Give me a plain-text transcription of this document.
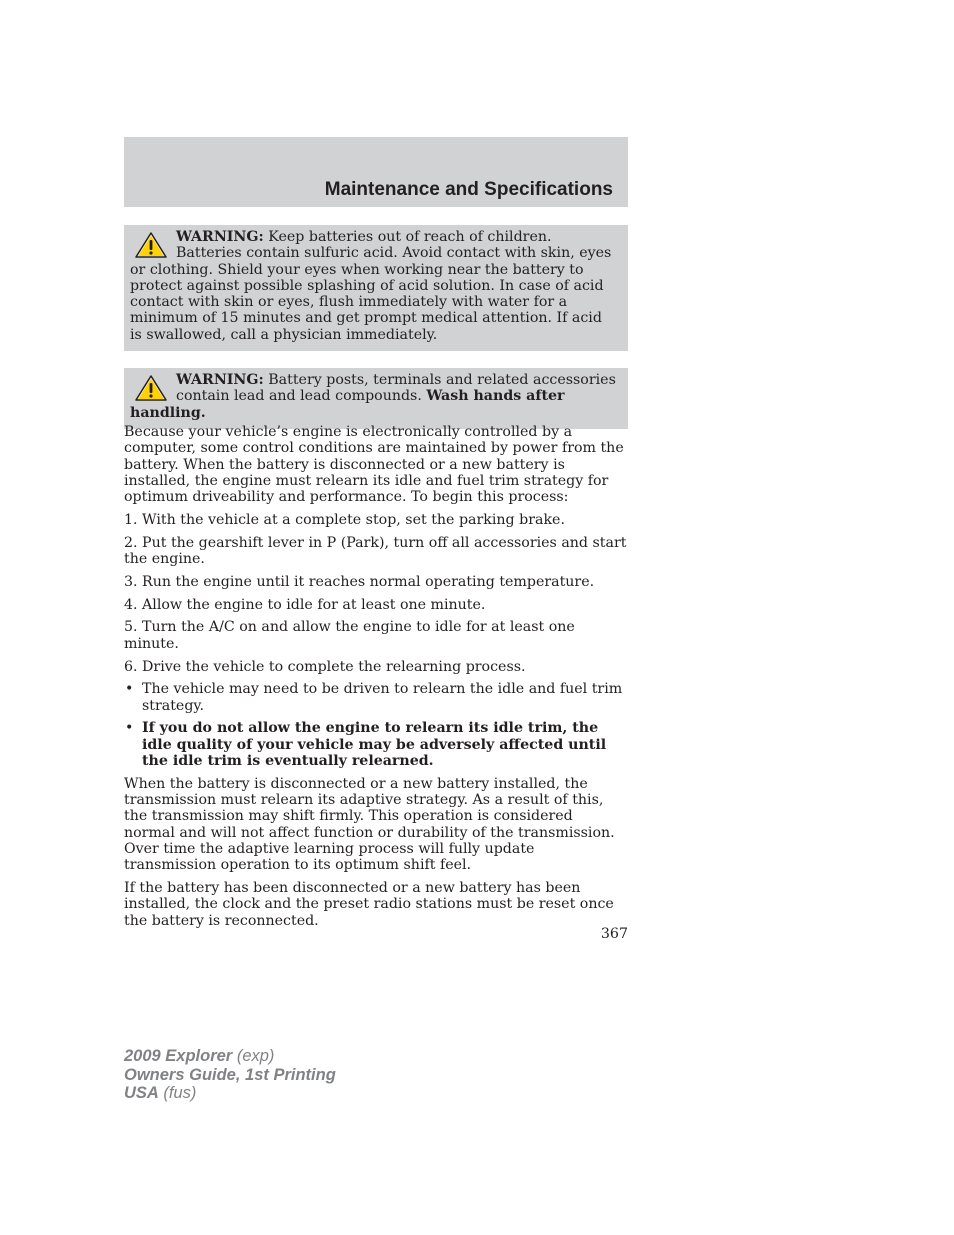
Maintenance and Specifications
WARNING: Keep batteries out of reach of children. Batteries contain sulfuric acid. Avoid contact with skin, eyes or clothing. Shield your eyes when working near the battery to protect against possible splashing of acid solution. In case of acid contact with skin or eyes, flush immediately with water for a minimum of 15 minutes and get prompt medical attention. If acid is swallowed, call a physician immediately.
WARNING: Battery posts, terminals and related accessories contain lead and lead compounds. Wash hands after handling.

Because your vehicle’s engine is electronically controlled by a computer, some control conditions are maintained by power from the battery. When the battery is disconnected or a new battery is installed, the engine must relearn its idle and fuel trim strategy for optimum driveability and performance. To begin this process:

1. With the vehicle at a complete stop, set the parking brake.

2. Put the gearshift lever in P (Park), turn off all accessories and start the engine.

3. Run the engine until it reaches normal operating temperature.

4. Allow the engine to idle for at least one minute.

5. Turn the A/C on and allow the engine to idle for at least one minute.

6. Drive the vehicle to complete the relearning process.

• The vehicle may need to be driven to relearn the idle and fuel trim strategy.
• If you do not allow the engine to relearn its idle trim, the idle quality of your vehicle may be adversely affected until the idle trim is eventually relearned.

When the battery is disconnected or a new battery installed, the transmission must relearn its adaptive strategy. As a result of this, the transmission may shift firmly. This operation is considered normal and will not affect function or durability of the transmission. Over time the adaptive learning process will fully update transmission operation to its optimum shift feel.

If the battery has been disconnected or a new battery has been installed, the clock and the preset radio stations must be reset once the battery is reconnected.

367
2009 Explorer (exp)
Owners Guide, 1st Printing
USA (fus)
